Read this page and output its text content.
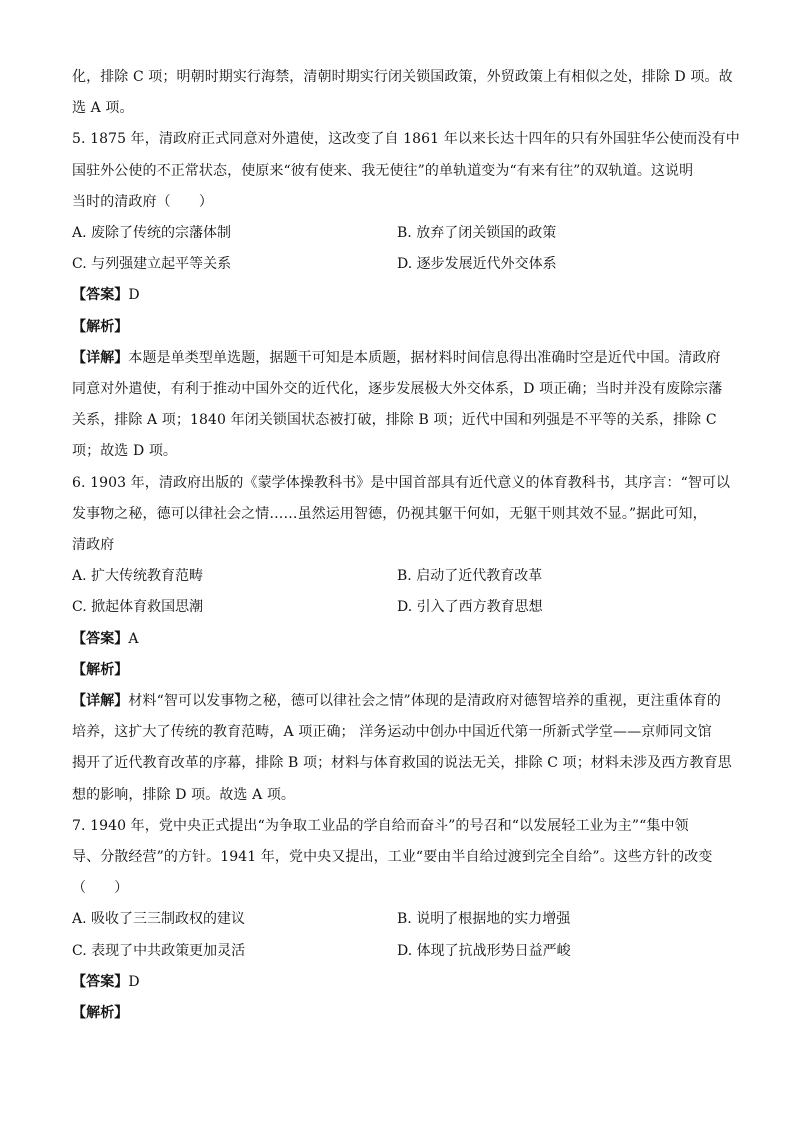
化，排除 C 项；明朝时期实行海禁，清朝时期实行闭关锁国政策，外贸政策上有相似之处，排除 D 项。故
选 A 项。
5. 1875 年，清政府正式同意对外遣使，这改变了自 1861 年以来长达十四年的只有外国驻华公使而没有中
国驻外公使的不正常状态，使原来“彼有使来、我无使往”的单轨道变为“有来有往”的双轨道。这说明
当时的清政府（　　）
A. 废除了传统的宗藩体制	B. 放弃了闭关锁国的政策
C. 与列强建立起平等关系	D. 逐步发展近代外交体系
【答案】D
【解析】
【详解】本题是单类型单选题，据题干可知是本质题，据材料时间信息得出准确时空是近代中国。清政府
同意对外遣使，有利于推动中国外交的近代化，逐步发展极大外交体系，D 项正确；当时并没有废除宗藩
关系，排除 A 项；1840 年闭关锁国状态被打破，排除 B 项；近代中国和列强是不平等的关系，排除 C
项；故选 D 项。
6. 1903 年，清政府出版的《蒙学体操教科书》是中国首部具有近代意义的体育教科书，其序言：“智可以
发事物之秘，德可以律社会之情……虽然运用智德，仍视其躯干何如，无躯干则其效不显。”据此可知，
清政府
A. 扩大传统教育范畴	B. 启动了近代教育改革
C. 掀起体育救国思潮	D. 引入了西方教育思想
【答案】A
【解析】
【详解】材料“智可以发事物之秘，德可以律社会之情”体现的是清政府对德智培养的重视，更注重体育的
培养，这扩大了传统的教育范畴，A 项正确； 洋务运动中创办中国近代第一所新式学堂——京师同文馆
揭开了近代教育改革的序幕，排除 B 项；材料与体育救国的说法无关，排除 C 项；材料未涉及西方教育思
想的影响，排除 D 项。故选 A 项。
7. 1940 年，党中央正式提出“为争取工业品的学自给而奋斗”的号召和“以发展轻工业为主”“集中领
导、分散经营”的方针。1941 年，党中央又提出，工业“要由半自给过渡到完全自给”。这些方针的改变
（　　）
A. 吸收了三三制政权的建议	B. 说明了根据地的实力增强
C. 表现了中共政策更加灵活	D. 体现了抗战形势日益严峻
【答案】D
【解析】
